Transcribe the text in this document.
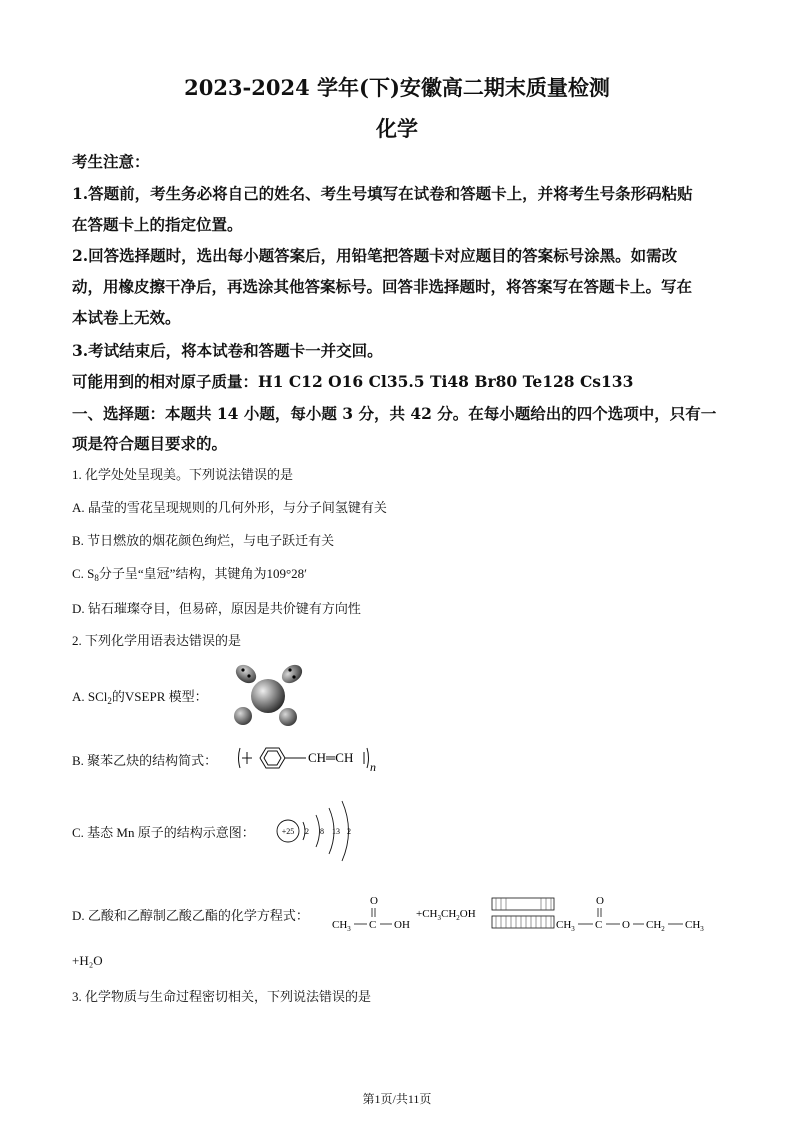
2023-2024 学年(下)安徽高二期末质量检测
化学
考生注意：
1.答题前，考生务必将自己的姓名、考生号填写在试卷和答题卡上，并将考生号条形码粘贴
在答题卡上的指定位置。
2.回答选择题时，选出每小题答案后，用铅笔把答题卡对应题目的答案标号涂黑。如需改
动，用橡皮擦干净后，再选涂其他答案标号。回答非选择题时，将答案写在答题卡上。写在
本试卷上无效。
3.考试结束后，将本试卷和答题卡一并交回。
可能用到的相对原子质量：H1 C12 O16 Cl35.5 Ti48 Br80 Te128 Cs133
一、选择题：本题共 14 小题，每小题 3 分，共 42 分。在每小题给出的四个选项中，只有一
项是符合题目要求的。
1. 化学处处呈现美。下列说法错误的是
A. 晶莹的雪花呈现规则的几何外形，与分子间氢键有关
B. 节日燃放的烟花颜色绚烂，与电子跃迁有关
C. $S_8$分子呈“皇冠”结构，其键角为109°28′
D. 钻石璀璨夺目，但易碎，原因是共价键有方向性
2. 下列化学用语表达错误的是
A. SCl$_2$的VSEPR 模型：
B. 聚苯乙炔的结构简式：	CH═CH
n
C. 基态 Mn 原子的结构示意图：	+25 2 8 13 2
D. 乙酸和乙醇制乙酸乙酯的化学方程式：
$CH_3$ C
O
OH
$+CH_3CH_2OH$
$CH_3$ C
O
O $CH_2$ $CH_3$
+H₂O
3. 化学物质与生命过程密切相关，下列说法错误的是
第1页/共11页
